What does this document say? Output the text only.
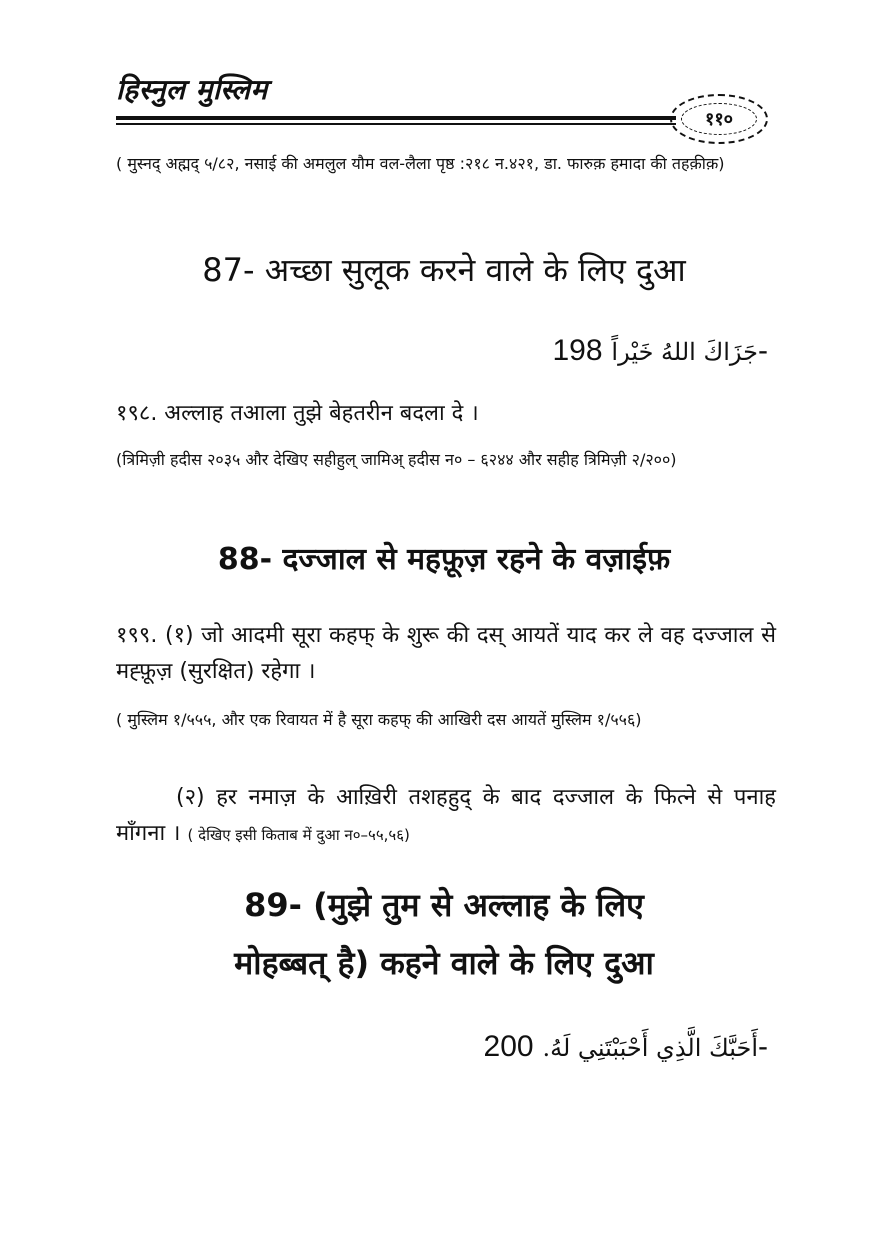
हिस्नुल मुस्लिम
११०
( मुस्नद् अह्मद् ५/८२, नसाई की अमलुल यौम वल-लैला पृष्ठ :२१८ न.४२१, डा. फारुक़ हमादा की तहक़ीक़)
87- अच्छा सुलूक करने वाले के लिए दुआ
جَزَاكَ اللهُ خَيْراً 198-
१९८. अल्लाह तआला तुझे बेहतरीन बदला दे ।
(त्रिमिज़ी हदीस २०३५ और देखिए सहीहुल् जामिअ् हदीस न० – ६२४४ और सहीह त्रिमिज़ी २/२००)
88- दज्जाल से महफ़ूज़ रहने के वज़ाईफ़
१९९. (१) जो आदमी सूरा कहफ् के शुरू की दस् आयतें याद कर ले वह दज्जाल से मह्फ़ूज़ (सुरक्षित) रहेगा ।
( मुस्लिम १/५५५, और एक रिवायत में है सूरा कहफ् की आखिरी दस आयतें मुस्लिम १/५५६)
(२) हर नमाज़ के आख़िरी तशहहुद् के बाद दज्जाल के फित्ने से पनाह माँगना । ( देखिए इसी किताब में दुआ न०–५५,५६)
89- (मुझे तुम से अल्लाह के लिए
मोहब्बत् है) कहने वाले के लिए दुआ
أَحَبَّكَ الَّذِي أَحْبَبْتَنِي لَهُ. 200-
